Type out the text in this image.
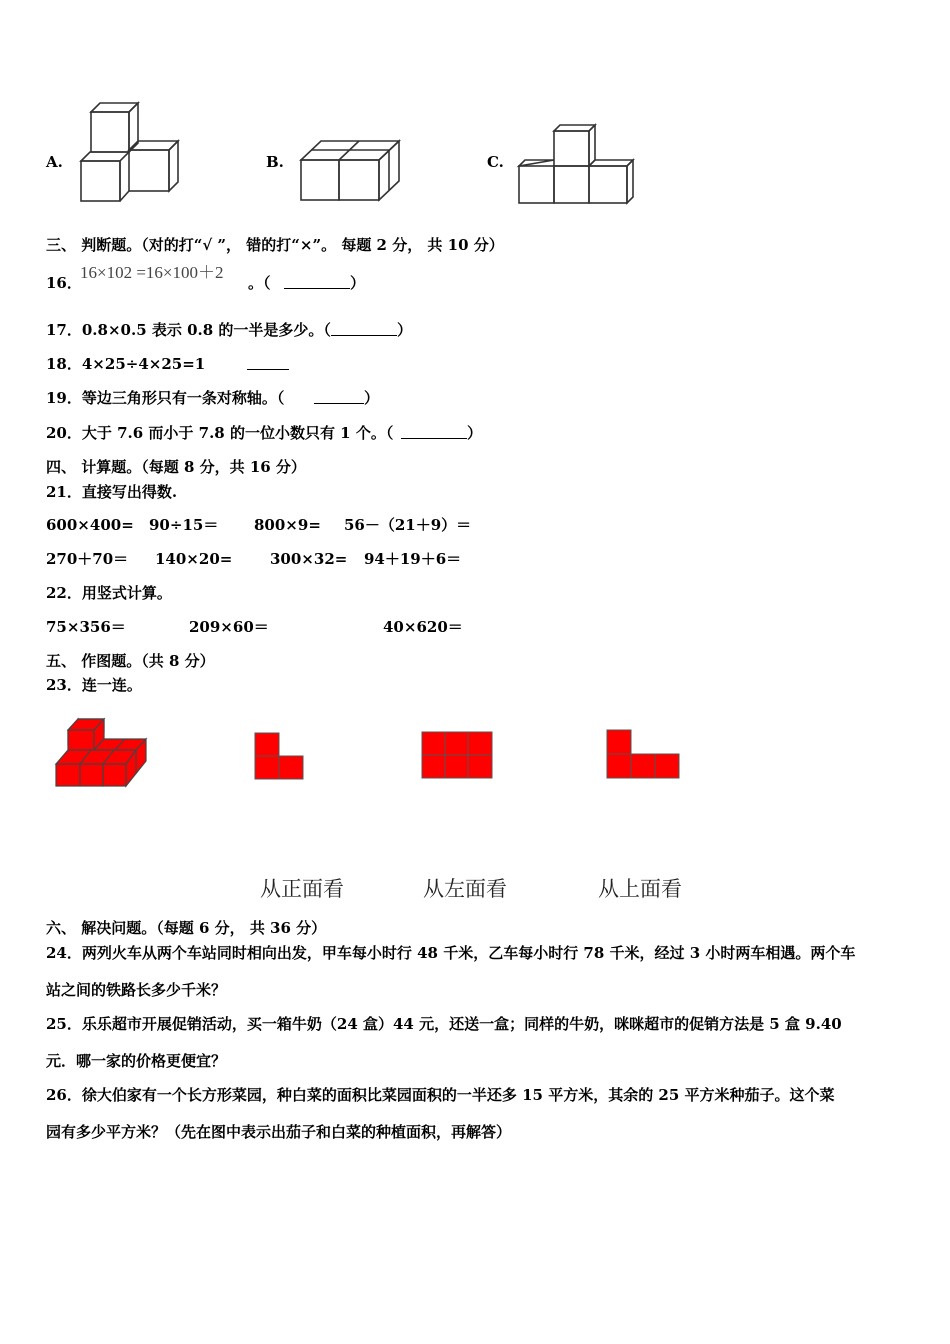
A.	B.	C.
三、 判断题。（对的打“√ ”， 错的打“×”。 每题 2 分， 共 10 分）
16．
16×102 =16×100＋2
。（	）
17．0.8×0.5 表示 0.8 的一半是多少。（	）
18．4×25÷4×25=1
19．等边三角形只有一条对称轴。（	）
20．大于 7.6 而小于 7.8 的一位小数只有 1 个。（	）
四、 计算题。（每题 8 分，共 16 分）
21．直接写出得数.
600×400= 90÷15＝ 800×9= 56－（21＋9）＝
270＋70＝ 140×20=	300×32= 94＋19＋6＝
22．用竖式计算。
75×356＝	209×60＝	40×620＝
五、 作图题。（共 8 分）
23．连一连。
从正面看	从左面看	从上面看
六、 解决问题。（每题 6 分， 共 36 分）
24．两列火车从两个车站同时相向出发，甲车每小时行 48 千米，乙车每小时行 78 千米，经过 3 小时两车相遇。两个车
站之间的铁路长多少千米？
25．乐乐超市开展促销活动，买一箱牛奶（24 盒）44 元，还送一盒；同样的牛奶，咪咪超市的促销方法是 5 盒 9.40
元．哪一家的价格更便宜？
26．徐大伯家有一个长方形菜园，种白菜的面积比菜园面积的一半还多 15 平方米，其余的 25 平方米种茄子。这个菜
园有多少平方米？（先在图中表示出茄子和白菜的种植面积，再解答）
